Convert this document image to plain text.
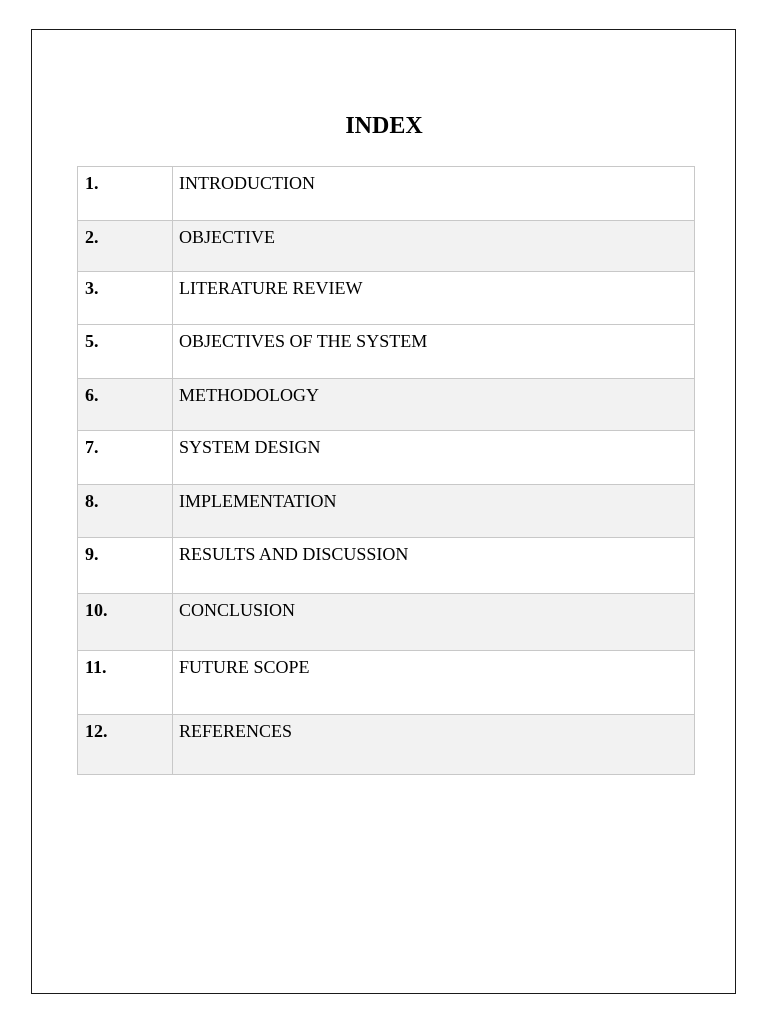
INDEX
1.	INTRODUCTION
2.	OBJECTIVE
3.	LITERATURE REVIEW
5.	OBJECTIVES OF THE SYSTEM
6.	METHODOLOGY
7.	SYSTEM DESIGN
8.	IMPLEMENTATION
9.	RESULTS AND DISCUSSION
10.	CONCLUSION
11.	FUTURE SCOPE
12.	REFERENCES
